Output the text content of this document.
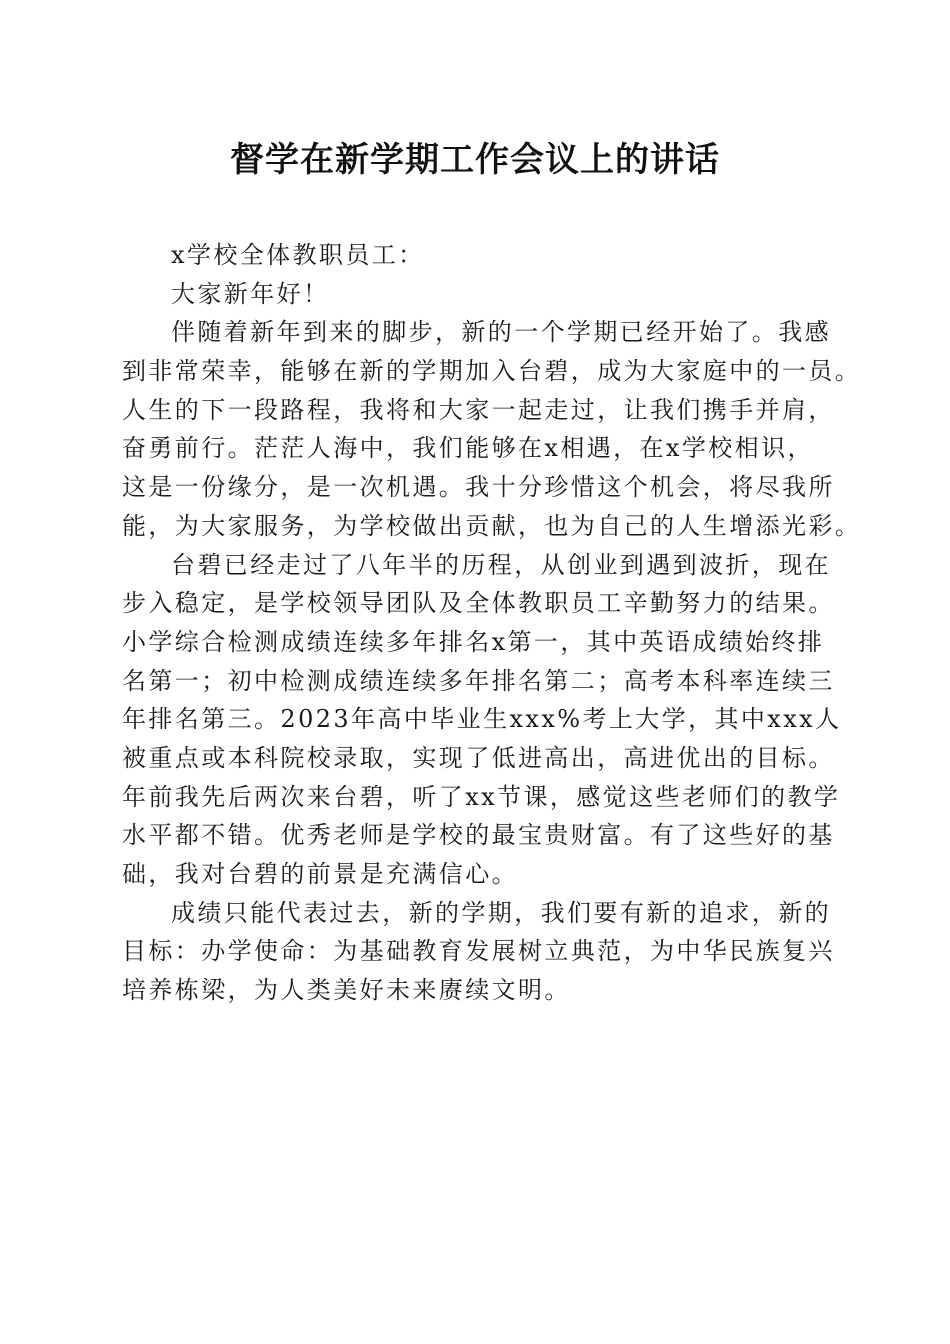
督学在新学期工作会议上的讲话
x学校全体教职员工：
大家新年好！
伴随着新年到来的脚步，新的一个学期已经开始了。我感
到非常荣幸，能够在新的学期加入台碧，成为大家庭中的一员。
人生的下一段路程，我将和大家一起走过，让我们携手并肩，
奋勇前行。茫茫人海中，我们能够在x相遇，在x学校相识，
这是一份缘分，是一次机遇。我十分珍惜这个机会，将尽我所
能，为大家服务，为学校做出贡献，也为自己的人生增添光彩。
台碧已经走过了八年半的历程，从创业到遇到波折，现在
步入稳定，是学校领导团队及全体教职员工辛勤努力的结果。
小学综合检测成绩连续多年排名x第一，其中英语成绩始终排
名第一；初中检测成绩连续多年排名第二；高考本科率连续三
年排名第三。2023年高中毕业生xxx%考上大学，其中xxx人
被重点或本科院校录取，实现了低进高出，高进优出的目标。
年前我先后两次来台碧，听了xx节课，感觉这些老师们的教学
水平都不错。优秀老师是学校的最宝贵财富。有了这些好的基
础，我对台碧的前景是充满信心。
成绩只能代表过去，新的学期，我们要有新的追求，新的
目标：办学使命：为基础教育发展树立典范，为中华民族复兴
培养栋梁，为人类美好未来赓续文明。
